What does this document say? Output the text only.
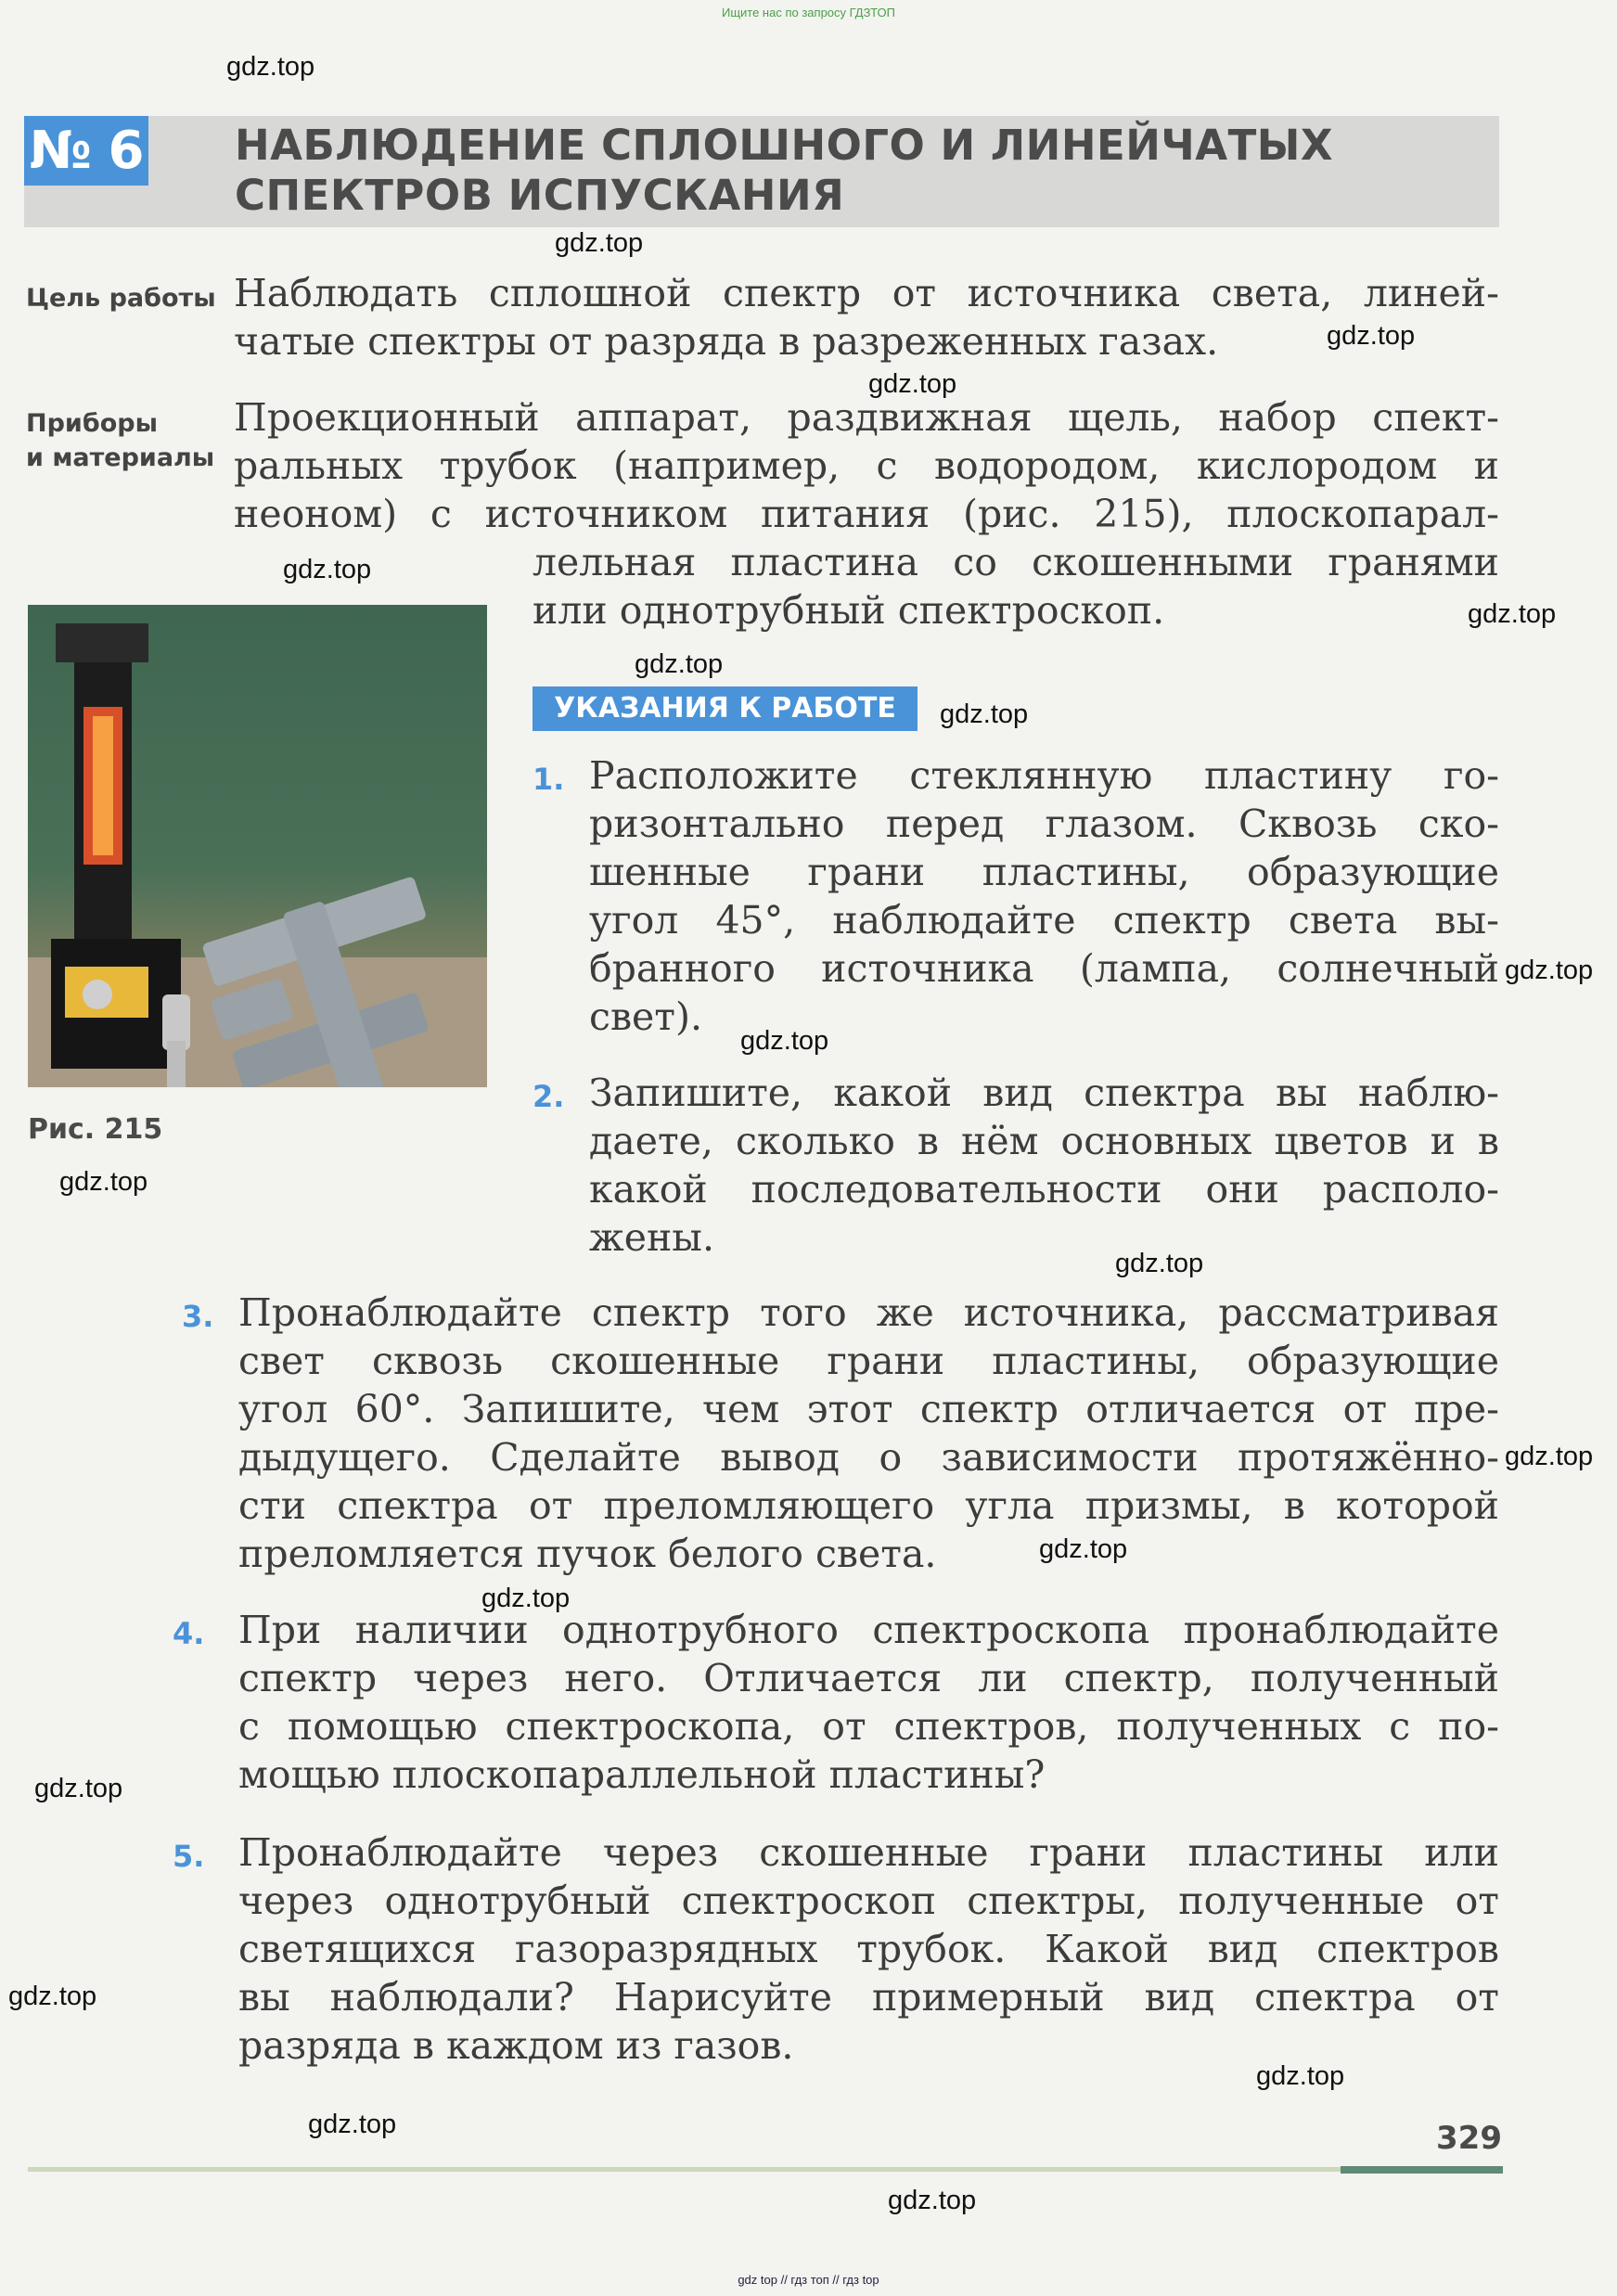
Ищите нас по запросу ГДЗТОП
№ 6 НАБЛЮДЕНИЕ СПЛОШНОГО И ЛИНЕЙЧАТЫХ
СПЕКТРОВ ИСПУСКАНИЯ
Цель работы Наблюдать сплошной спектр от источника света, линей-
чатые спектры от разряда в разреженных газах.
Приборы
и материалы
Проекционный аппарат, раздвижная щель, набор спект-
ральных трубок (например, с водородом, кислородом и
неоном) с источником питания (рис. 215), плоскопарал-
лельная пластина со скошенными гранями
или однотрубный спектроскоп.
Рис. 215
УКАЗАНИЯ К РАБОТЕ
1. Расположите стеклянную пластину го-
ризонтально перед глазом. Сквозь ско-
шенные грани пластины, образующие
угол 45°, наблюдайте спектр света вы-
бранного источника (лампа, солнечный
свет).
2. Запишите, какой вид спектра вы наблю-
даете, сколько в нём основных цветов и в
какой последовательности они располо-
жены.
3. Пронаблюдайте спектр того же источника, рассматривая
свет сквозь скошенные грани пластины, образующие
угол 60°. Запишите, чем этот спектр отличается от пре-
дыдущего. Сделайте вывод о зависимости протяжённо-
сти спектра от преломляющего угла призмы, в которой
преломляется пучок белого света.
4. При наличии однотрубного спектроскопа пронаблюдайте
спектр через него. Отличается ли спектр, полученный
с помощью спектроскопа, от спектров, полученных с по-
мощью плоскопараллельной пластины?
5. Пронаблюдайте через скошенные грани пластины или
через однотрубный спектроскоп спектры, полученные от
светящихся газоразрядных трубок. Какой вид спектров
вы наблюдали? Нарисуйте примерный вид спектра от
разряда в каждом из газов.
329
gdz.top
gdz.top
gdz.top
gdz.top
gdz.top
gdz.top
gdz.top
gdz.top
gdz.top
gdz.top
gdz.top
gdz.top
gdz.top
gdz.top
gdz.top
gdz.top
gdz.top
gdz.top
gdz.top
gdz.top
gdz top // гдз топ // гдз top
